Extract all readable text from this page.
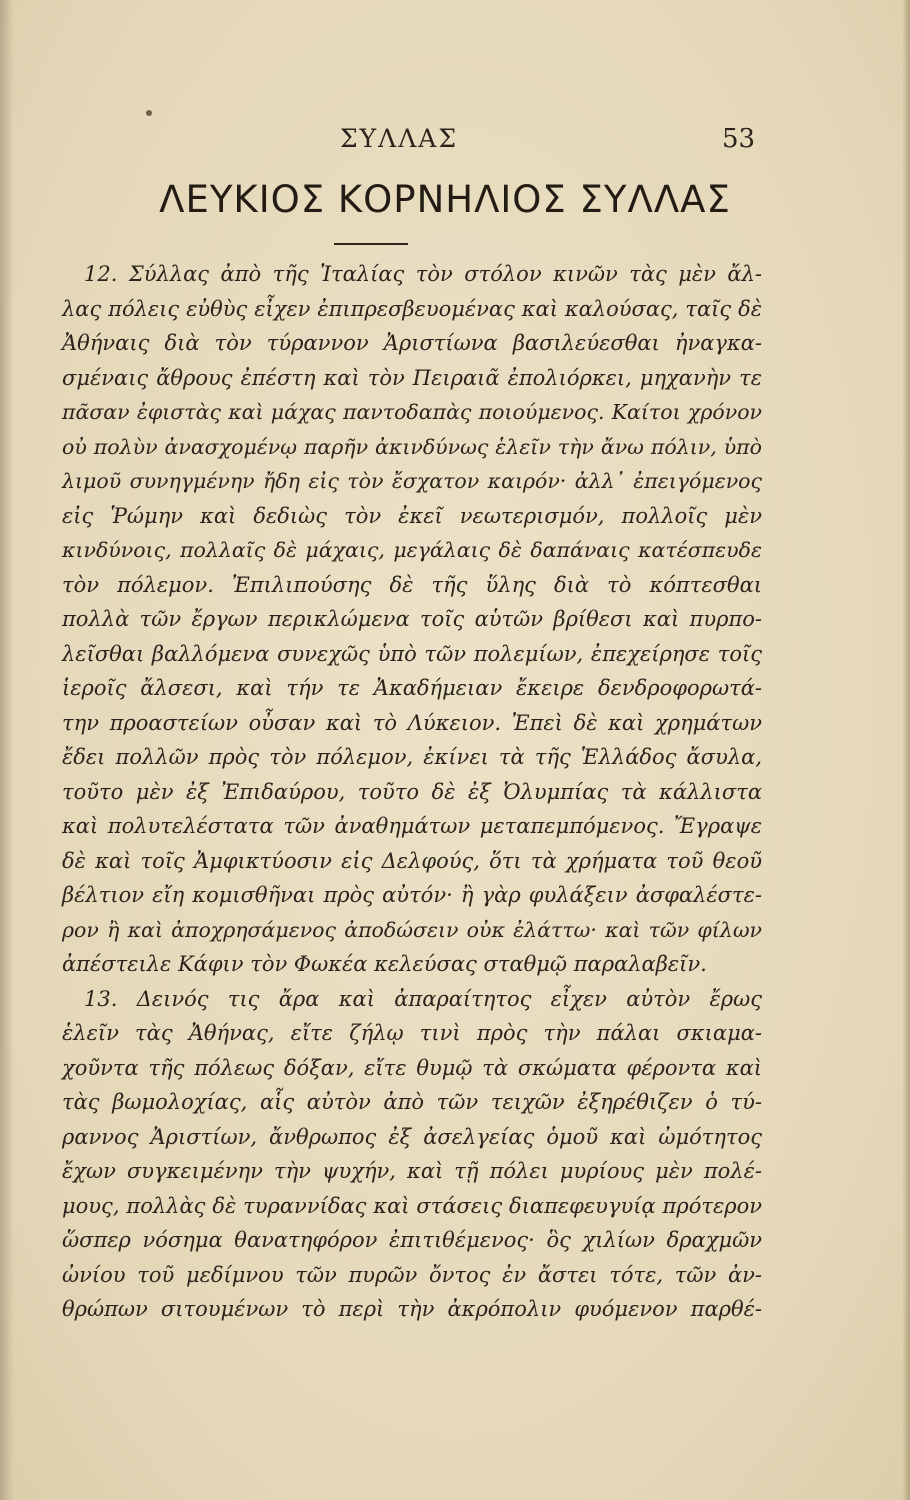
ΣΥΛΛΑΣ	53
ΛΕΥΚΙΟΣ ΚΟΡΝΗΛΙΟΣ ΣΥΛΛΑΣ
12. Σύλλας ἀπὸ τῆς Ἰταλίας τὸν στόλον κινῶν τὰς μὲν ἄλ-
λας πόλεις εὐθὺς εἶχεν ἐπιπρεσβευομένας καὶ καλούσας, ταῖς δὲ
Ἀθήναις διὰ τὸν τύραννον Ἀριστίωνα βασιλεύεσθαι ἠναγκα-
σμέναις ἄθρους ἐπέστη καὶ τὸν Πειραιᾶ ἐπολιόρκει, μηχανὴν τε
πᾶσαν ἐφιστὰς καὶ μάχας παντοδαπὰς ποιούμενος. Καίτοι χρόνον
οὐ πολὺν ἀνασχομένῳ παρῆν ἀκινδύνως ἑλεῖν τὴν ἄνω πόλιν, ὑπὸ
λιμοῦ συνηγμένην ἤδη εἰς τὸν ἔσχατον καιρόν· ἀλλ᾽ ἐπειγόμενος
εἰς Ῥώμην καὶ δεδιὼς τὸν ἐκεῖ νεωτερισμόν, πολλοῖς μὲν
κινδύνοις, πολλαῖς δὲ μάχαις, μεγάλαις δὲ δαπάναις κατέσπευδε
τὸν πόλεμον. Ἐπιλιπούσης δὲ τῆς ὕλης διὰ τὸ κόπτεσθαι
πολλὰ τῶν ἔργων περικλώμενα τοῖς αὑτῶν βρίθεσι καὶ πυρπο-
λεῖσθαι βαλλόμενα συνεχῶς ὑπὸ τῶν πολεμίων, ἐπεχείρησε τοῖς
ἱεροῖς ἄλσεσι, καὶ τήν τε Ἀκαδήμειαν ἔκειρε δενδροφορωτά-
την προαστείων οὖσαν καὶ τὸ Λύκειον. Ἐπεὶ δὲ καὶ χρημάτων
ἔδει πολλῶν πρὸς τὸν πόλεμον, ἐκίνει τὰ τῆς Ἑλλάδος ἄσυλα,
τοῦτο μὲν ἐξ Ἐπιδαύρου, τοῦτο δὲ ἐξ Ὀλυμπίας τὰ κάλλιστα
καὶ πολυτελέστατα τῶν ἀναθημάτων μεταπεμπόμενος. Ἔγραψε
δὲ καὶ τοῖς Ἀμφικτύοσιν εἰς Δελφούς, ὅτι τὰ χρήματα τοῦ θεοῦ
βέλτιον εἴη κομισθῆναι πρὸς αὐτόν· ἢ γὰρ φυλάξειν ἀσφαλέστε-
ρον ἢ καὶ ἀποχρησάμενος ἀποδώσειν οὐκ ἐλάττω· καὶ τῶν φίλων
ἀπέστειλε Κάφιν τὸν Φωκέα κελεύσας σταθμῷ παραλαβεῖν.
13. Δεινός τις ἄρα καὶ ἀπαραίτητος εἶχεν αὐτὸν ἔρως
ἑλεῖν τὰς Ἀθήνας, εἴτε ζήλῳ τινὶ πρὸς τὴν πάλαι σκιαμα-
χοῦντα τῆς πόλεως δόξαν, εἴτε θυμῷ τὰ σκώματα φέροντα καὶ
τὰς βωμολοχίας, αἷς αὐτὸν ἀπὸ τῶν τειχῶν ἐξηρέθιζεν ὁ τύ-
ραννος Ἀριστίων, ἄνθρωπος ἐξ ἀσελγείας ὁμοῦ καὶ ὠμότητος
ἔχων συγκειμένην τὴν ψυχήν, καὶ τῇ πόλει μυρίους μὲν πολέ-
μους, πολλὰς δὲ τυραννίδας καὶ στάσεις διαπεφευγυίᾳ πρότερον
ὥσπερ νόσημα θανατηφόρον ἐπιτιθέμενος· ὃς χιλίων δραχμῶν
ὠνίου τοῦ μεδίμνου τῶν πυρῶν ὄντος ἐν ἄστει τότε, τῶν ἀν-
θρώπων σιτουμένων τὸ περὶ τὴν ἀκρόπολιν φυόμενον παρθέ-
